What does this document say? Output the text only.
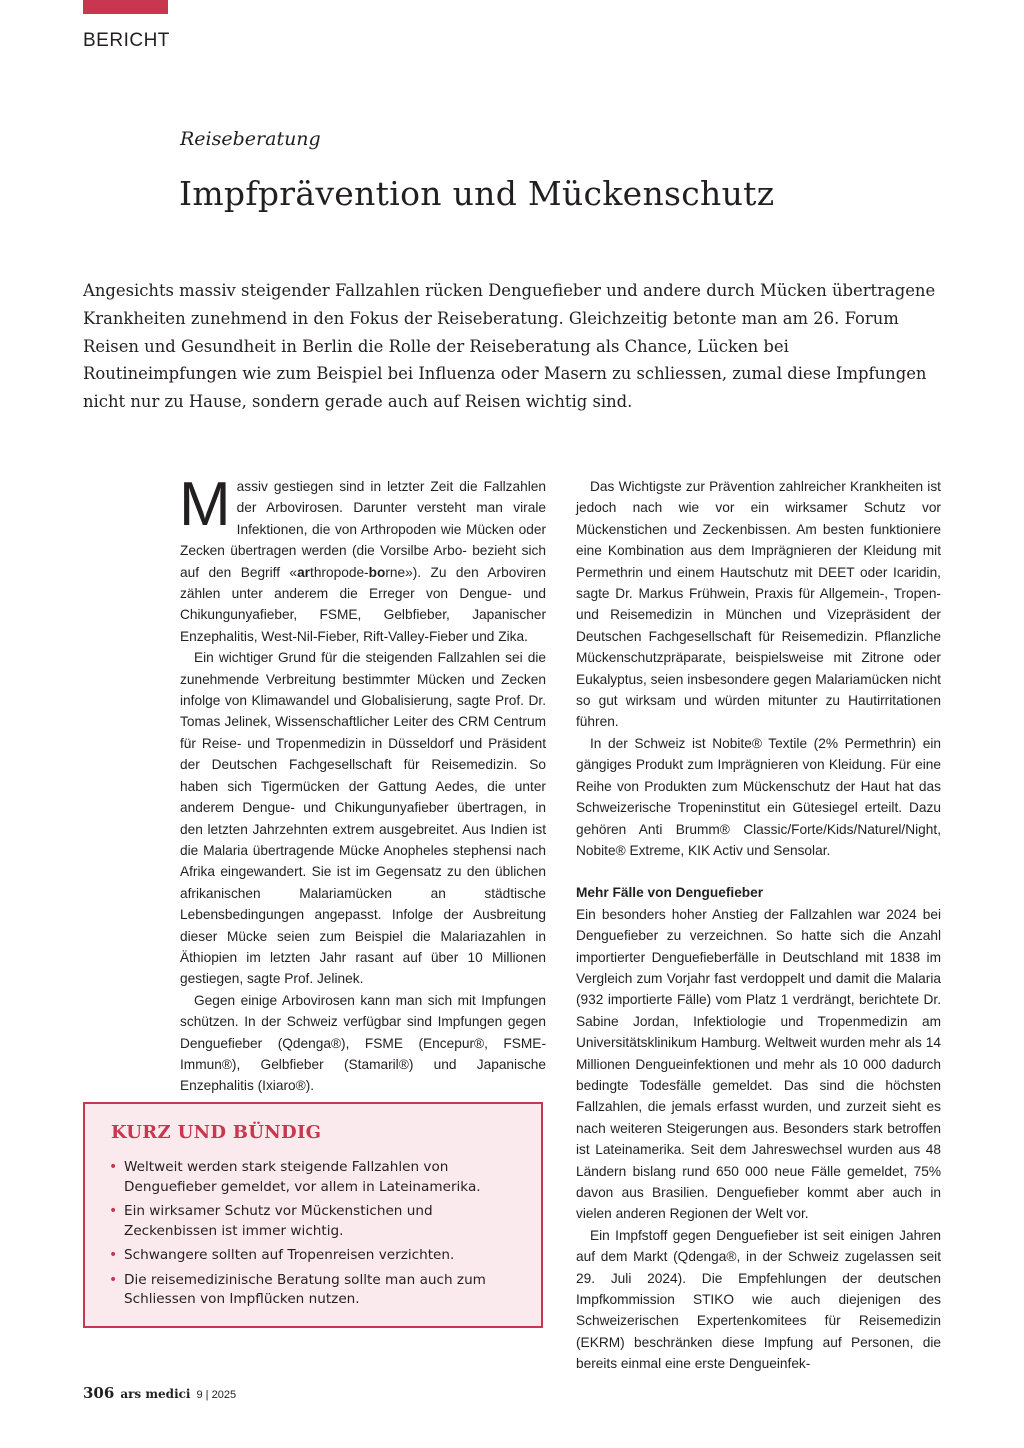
BERICHT
Reiseberatung
Impfprävention und Mückenschutz

Angesichts massiv steigender Fallzahlen rücken Denguefieber und andere durch Mücken übertragene Krankheiten zunehmend in den Fokus der Reiseberatung. Gleichzeitig betonte man am 26. Forum Reisen und Gesundheit in Berlin die Rolle der Reiseberatung als Chance, Lücken bei Routineimpfungen wie zum Beispiel bei Influenza oder Masern zu schliessen, zumal diese Impfungen nicht nur zu Hause, sondern gerade auch auf Reisen wichtig sind.

Massiv gestiegen sind in letzter Zeit die Fallzahlen der Arbovirosen. Darunter versteht man virale Infektionen, die von Arthropoden wie Mücken oder Zecken übertragen werden (die Vorsilbe Arbo- bezieht sich auf den Begriff «arthropode-borne»). Zu den Arboviren zählen unter anderem die Erreger von Dengue- und Chikungunyafieber, FSME, Gelbfieber, Japanischer Enzephalitis, West-Nil-Fieber, Rift-Valley-Fieber und Zika.

Ein wichtiger Grund für die steigenden Fallzahlen sei die zunehmende Verbreitung bestimmter Mücken und Zecken infolge von Klimawandel und Globalisierung, sagte Prof. Dr. Tomas Jelinek, Wissenschaftlicher Leiter des CRM Centrum für Reise- und Tropenmedizin in Düsseldorf und Präsident der Deutschen Fachgesellschaft für Reisemedizin. So haben sich Tigermücken der Gattung Aedes, die unter anderem Dengue- und Chikungunyafieber übertragen, in den letzten Jahrzehnten extrem ausgebreitet. Aus Indien ist die Malaria übertragende Mücke Anopheles stephensi nach Afrika eingewandert. Sie ist im Gegensatz zu den üblichen afrikanischen Malariamücken an städtische Lebensbedingungen angepasst. Infolge der Ausbreitung dieser Mücke seien zum Beispiel die Malariazahlen in Äthiopien im letzten Jahr rasant auf über 10 Millionen gestiegen, sagte Prof. Jelinek.

Gegen einige Arbovirosen kann man sich mit Impfungen schützen. In der Schweiz verfügbar sind Impfungen gegen Denguefieber (Qdenga®), FSME (Encepur®, FSME-Immun®), Gelbfieber (Stamaril®) und Japanische Enzephalitis (Ixiaro®).

Das Wichtigste zur Prävention zahlreicher Krankheiten ist jedoch nach wie vor ein wirksamer Schutz vor Mückenstichen und Zeckenbissen. Am besten funktioniere eine Kombination aus dem Imprägnieren der Kleidung mit Permethrin und einem Hautschutz mit DEET oder Icaridin, sagte Dr. Markus Frühwein, Praxis für Allgemein-, Tropen- und Reisemedizin in München und Vizepräsident der Deutschen Fachgesellschaft für Reisemedizin. Pflanzliche Mückenschutzpräparate, beispielsweise mit Zitrone oder Eukalyptus, seien insbesondere gegen Malariamücken nicht so gut wirksam und würden mitunter zu Hautirritationen führen.

In der Schweiz ist Nobite® Textile (2% Permethrin) ein gängiges Produkt zum Imprägnieren von Kleidung. Für eine Reihe von Produkten zum Mückenschutz der Haut hat das Schweizerische Tropeninstitut ein Gütesiegel erteilt. Dazu gehören Anti Brumm® Classic/Forte/Kids/Naturel/Night, Nobite® Extreme, KIK Activ und Sensolar.

Mehr Fälle von Denguefieber

Ein besonders hoher Anstieg der Fallzahlen war 2024 bei Denguefieber zu verzeichnen. So hatte sich die Anzahl importierter Denguefieberfälle in Deutschland mit 1838 im Vergleich zum Vorjahr fast verdoppelt und damit die Malaria (932 importierte Fälle) vom Platz 1 verdrängt, berichtete Dr. Sabine Jordan, Infektiologie und Tropenmedizin am Universitätsklinikum Hamburg. Weltweit wurden mehr als 14 Millionen Dengueinfektionen und mehr als 10 000 dadurch bedingte Todesfälle gemeldet. Das sind die höchsten Fallzahlen, die jemals erfasst wurden, und zurzeit sieht es nach weiteren Steigerungen aus. Besonders stark betroffen ist Lateinamerika. Seit dem Jahreswechsel wurden aus 48 Ländern bislang rund 650 000 neue Fälle gemeldet, 75% davon aus Brasilien. Denguefieber kommt aber auch in vielen anderen Regionen der Welt vor.

Ein Impfstoff gegen Denguefieber ist seit einigen Jahren auf dem Markt (Qdenga®, in der Schweiz zugelassen seit 29. Juli 2024). Die Empfehlungen der deutschen Impfkommission STIKO wie auch diejenigen des Schweizerischen Expertenkomitees für Reisemedizin (EKRM) beschränken diese Impfung auf Personen, die bereits einmal eine erste Dengueinfek-

KURZ UND BÜNDIG
• Weltweit werden stark steigende Fallzahlen von Denguefieber gemeldet, vor allem in Lateinamerika.
• Ein wirksamer Schutz vor Mückenstichen und Zeckenbissen ist immer wichtig.
• Schwangere sollten auf Tropenreisen verzichten.
• Die reisemedizinische Beratung sollte man auch zum Schliessen von Impflücken nutzen.
306 ars medici 9 | 2025
